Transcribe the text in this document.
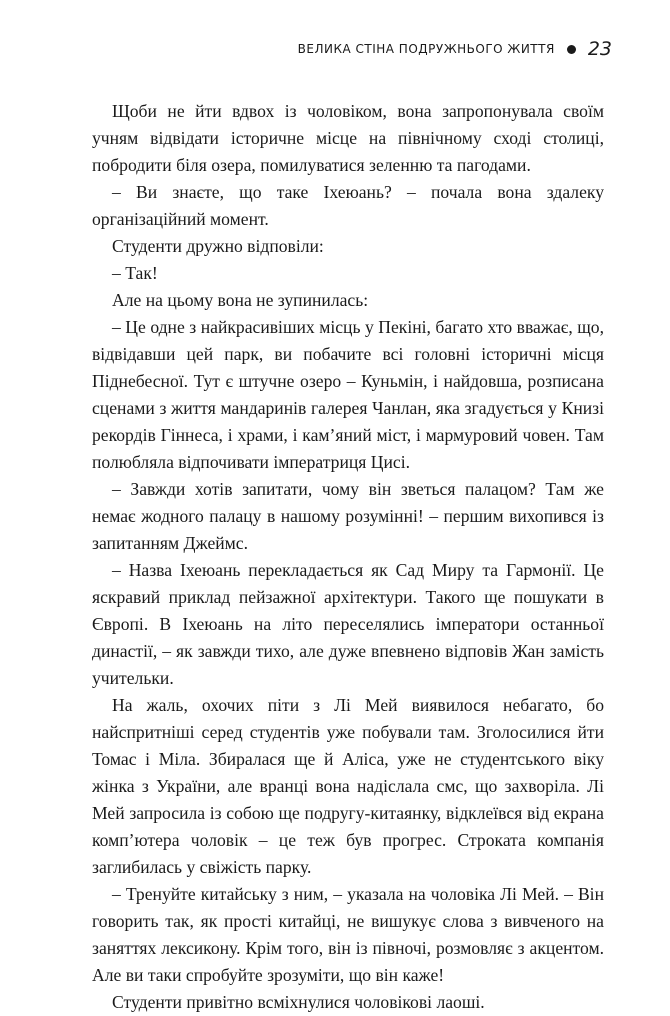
ВЕЛИКА СТІНА ПОДРУЖНЬОГО ЖИТТЯ 23

Щоби не йти вдвох із чоловіком, вона запропонувала своїм учням відвідати історичне місце на північному сході столиці, побродити біля озера, помилуватися зеленню та пагодами.

– Ви знаєте, що таке Іхеюань? – почала вона здалеку організаційний момент.

Студенти дружно відповіли:

– Так!

Але на цьому вона не зупинилась:

– Це одне з найкрасивіших місць у Пекіні, багато хто вважає, що, відвідавши цей парк, ви побачите всі головні історичні місця Піднебесної. Тут є штучне озеро – Куньмін, і найдовша, розписана сценами з життя мандаринів галерея Чанлан, яка згадується у Книзі рекордів Гіннеса, і храми, і кам’яний міст, і мармуровий човен. Там полюбляла відпочивати імператриця Цисі.

– Завжди хотів запитати, чому він зветься палацом? Там же немає жодного палацу в нашому розумінні! – першим вихопився із запитанням Джеймс.

– Назва Іхеюань перекладається як Сад Миру та Гармонії. Це яскравий приклад пейзажної архітектури. Такого ще пошукати в Європі. В Іхеюань на літо переселялись імператори останньої династії, – як завжди тихо, але дуже впевнено відповів Жан замість учительки.

На жаль, охочих піти з Лі Мей виявилося небагато, бо найспритніші серед студентів уже побували там. Зголосилися йти Томас і Міла. Збиралася ще й Аліса, уже не студентського віку жінка з України, але вранці вона надіслала смс, що захворіла. Лі Мей запросила із собою ще подругу-китаянку, відклеївся від екрана комп’ютера чоловік – це теж був прогрес. Строката компанія заглибилась у свіжість парку.

– Тренуйте китайську з ним, – указала на чоловіка Лі Мей. – Він говорить так, як прості китайці, не вишукує слова з вивченого на заняттях лексикону. Крім того, він із півночі, розмовляє з акцентом. Але ви таки спробуйте зрозуміти, що він каже!

Студенти привітно всміхнулися чоловікові лаоші.
